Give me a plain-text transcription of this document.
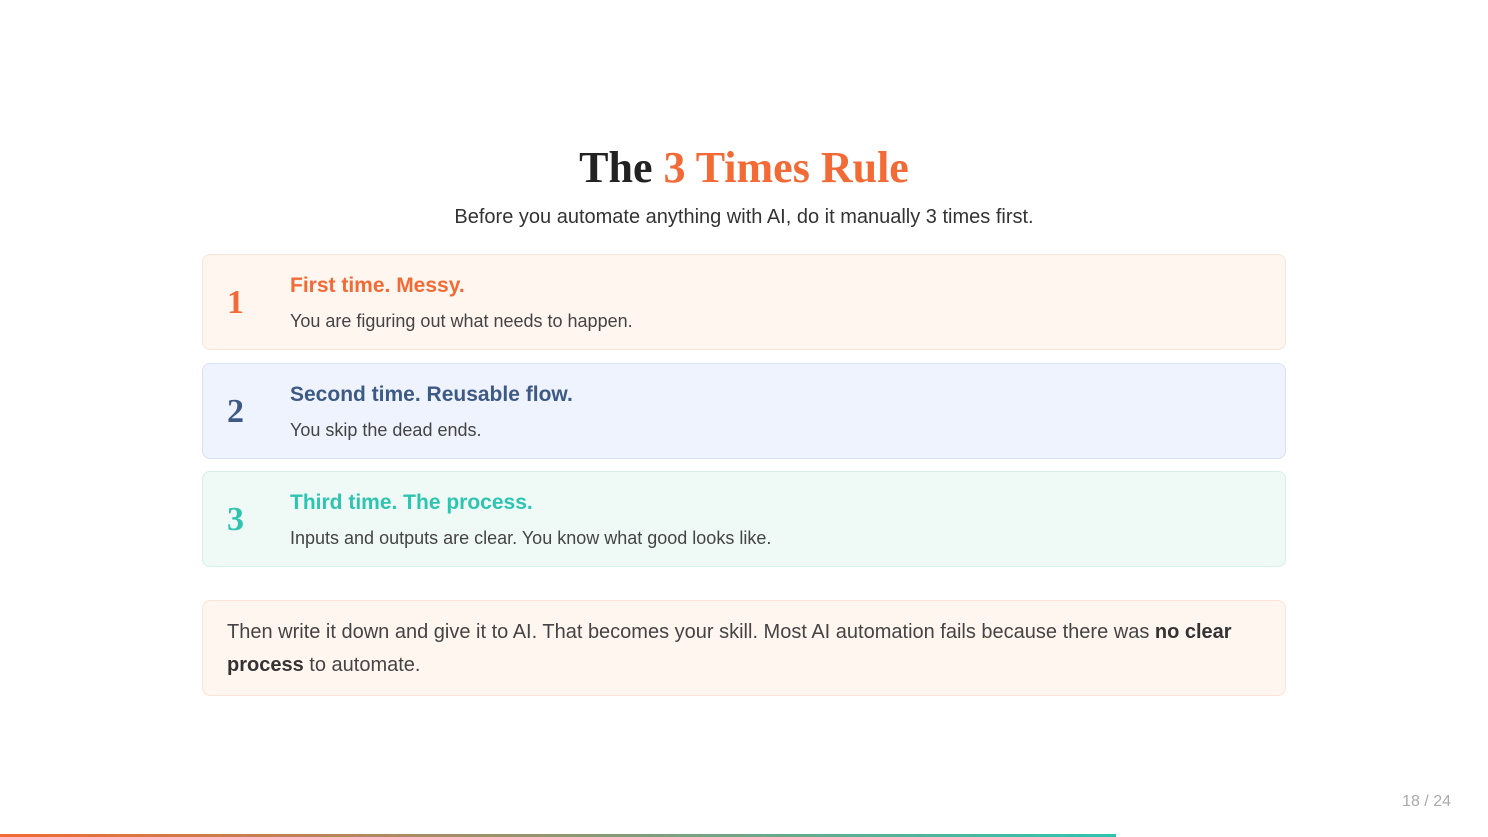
The 3 Times Rule

Before you automate anything with AI, do it manually 3 times first.

1	First time. Messy.
You are figuring out what needs to happen.
2	Second time. Reusable flow.
You skip the dead ends.
3	Third time. The process.
Inputs and outputs are clear. You know what good looks like.
Then write it down and give it to AI. That becomes your skill. Most AI automation fails because there was no clear process to automate.
18 / 24
